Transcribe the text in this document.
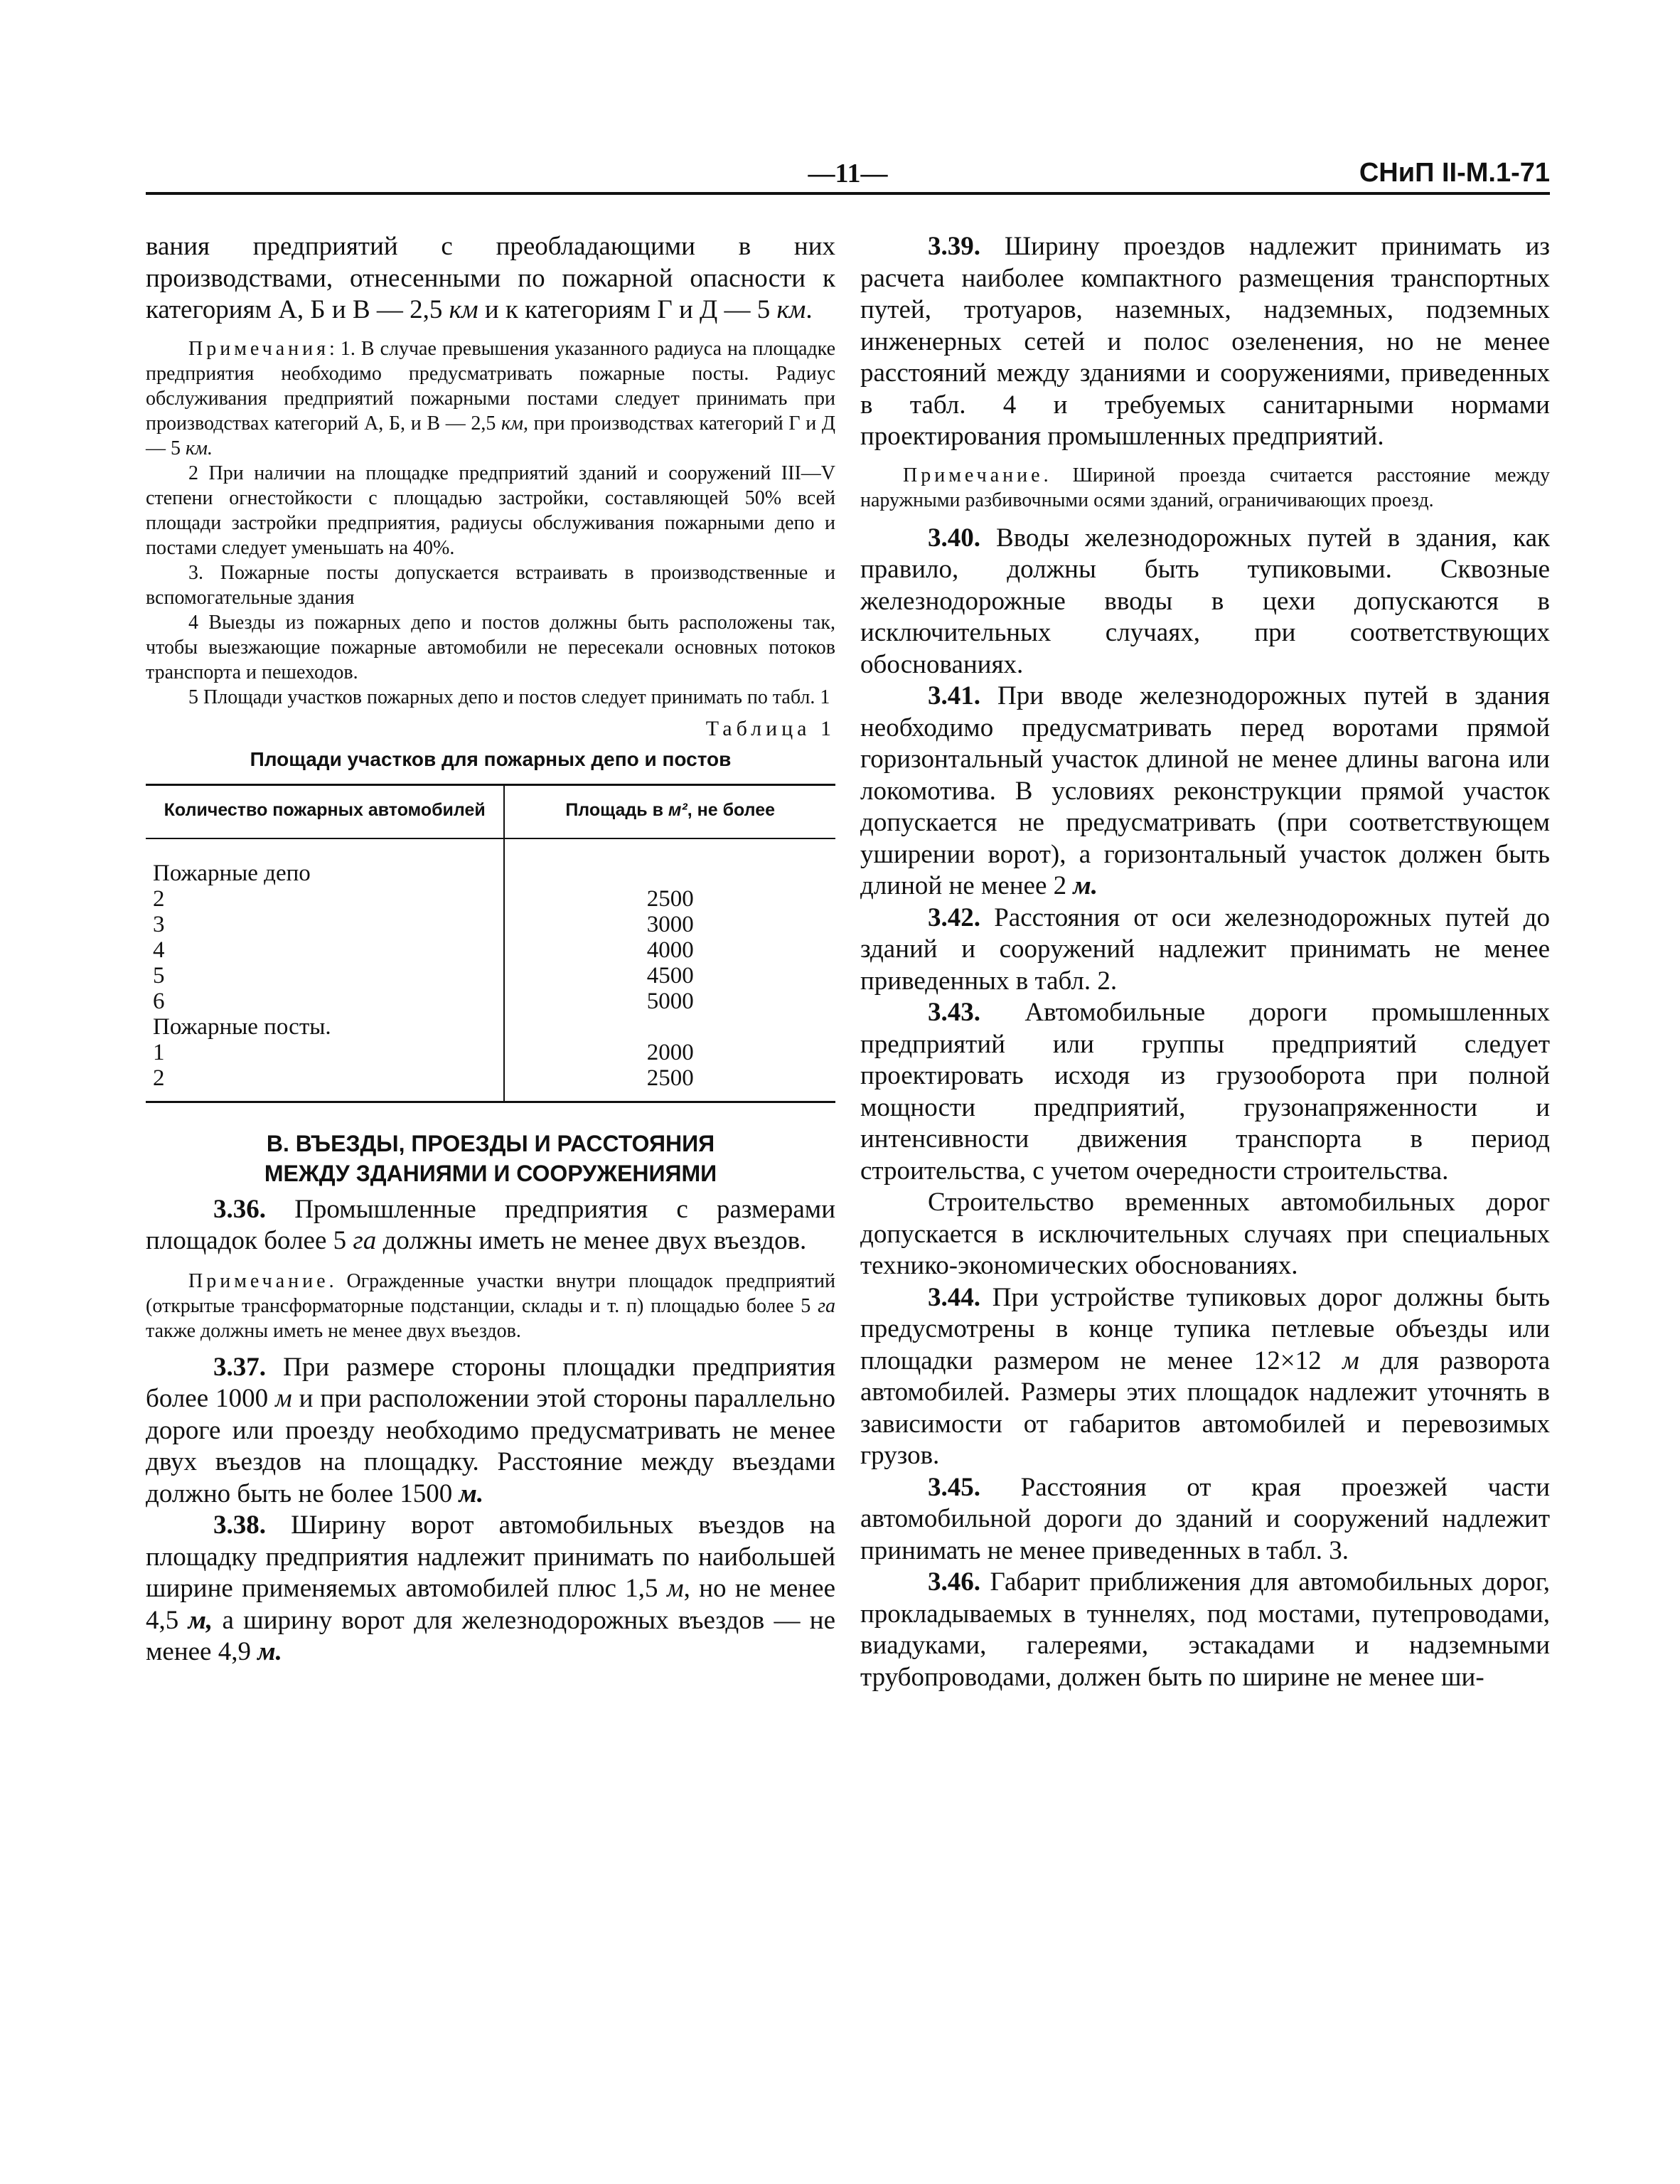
—11—	СНиП II-М.1-71

вания предприятий с преобладающими в них производствами, отнесенными по пожарной опасности к категориям А, Б и В — 2,5 км и к категориям Г и Д — 5 км.

Примечания: 1. В случае превышения указанного радиуса на площадке предприятия необходимо предусматривать пожарные посты. Радиус обслуживания предприятий пожарными постами следует принимать при производствах категорий А, Б, и В — 2,5 км, при производствах категорий Г и Д — 5 км.

2 При наличии на площадке предприятий зданий и сооружений III—V степени огнестойкости с площадью застройки, составляющей 50% всей площади застройки предприятия, радиусы обслуживания пожарными депо и постами следует уменьшать на 40%.

3. Пожарные посты допускается встраивать в производственные и вспомогательные здания

4 Выезды из пожарных депо и постов должны быть расположены так, чтобы выезжающие пожарные автомобили не пересекали основных потоков транспорта и пешеходов.

5 Площади участков пожарных депо и постов следует принимать по табл. 1

Таблица 1
Площади участков для пожарных депо и постов
Количество пожарных автомобилей	Площадь в м², не более
Пожарные депо	
2	2500
3	3000
4	4000
5	4500
6	5000
Пожарные посты.	
1	2000
2	2500
В. ВЪЕЗДЫ, ПРОЕЗДЫ И РАССТОЯНИЯ
МЕЖДУ ЗДАНИЯМИ И СООРУЖЕНИЯМИ

3.36. Промышленные предприятия с размерами площадок более 5 га должны иметь не менее двух въездов.

Примечание. Огражденные участки внутри площадок предприятий (открытые трансформаторные подстанции, склады и т. п) площадью более 5 га также должны иметь не менее двух въездов.

3.37. При размере стороны площадки предприятия более 1000 м и при расположении этой стороны параллельно дороге или проезду необходимо предусматривать не менее двух въездов на площадку. Расстояние между въездами должно быть не более 1500 м.

3.38. Ширину ворот автомобильных въездов на площадку предприятия надлежит принимать по наибольшей ширине применяемых автомобилей плюс 1,5 м, но не менее 4,5 м, а ширину ворот для железнодорожных въездов — не менее 4,9 м.

3.39. Ширину проездов надлежит принимать из расчета наиболее компактного размещения транспортных путей, тротуаров, наземных, надземных, подземных инженерных сетей и полос озеленения, но не менее расстояний между зданиями и сооружениями, приведенных в табл. 4 и требуемых санитарными нормами проектирования промышленных предприятий.

Примечание. Шириной проезда считается расстояние между наружными разбивочными осями зданий, ограничивающих проезд.

3.40. Вводы железнодорожных путей в здания, как правило, должны быть тупиковыми. Сквозные железнодорожные вводы в цехи допускаются в исключительных случаях, при соответствующих обоснованиях.

3.41. При вводе железнодорожных путей в здания необходимо предусматривать перед воротами прямой горизонтальный участок длиной не менее длины вагона или локомотива. В условиях реконструкции прямой участок допускается не предусматривать (при соответствующем уширении ворот), а горизонтальный участок должен быть длиной не менее 2 м.

3.42. Расстояния от оси железнодорожных путей до зданий и сооружений надлежит принимать не менее приведенных в табл. 2.

3.43. Автомобильные дороги промышленных предприятий или группы предприятий следует проектировать исходя из грузооборота при полной мощности предприятий, грузонапряженности и интенсивности движения транспорта в период строительства, с учетом очередности строительства.

Строительство временных автомобильных дорог допускается в исключительных случаях при специальных технико-экономических обоснованиях.

3.44. При устройстве тупиковых дорог должны быть предусмотрены в конце тупика петлевые объезды или площадки размером не менее 12×12 м для разворота автомобилей. Размеры этих площадок надлежит уточнять в зависимости от габаритов автомобилей и перевозимых грузов.

3.45. Расстояния от края проезжей части автомобильной дороги до зданий и сооружений надлежит принимать не менее приведенных в табл. 3.

3.46. Габарит приближения для автомобильных дорог, прокладываемых в туннелях, под мостами, путепроводами, виадуками, галереями, эстакадами и надземными трубопроводами, должен быть по ширине не менее ши-
